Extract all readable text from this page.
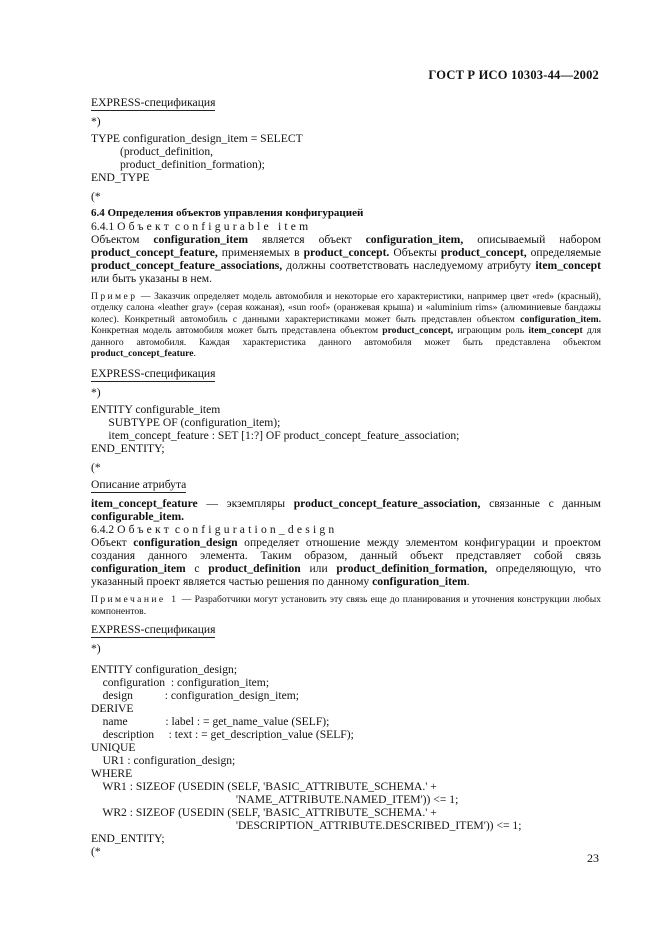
ГОСТ Р ИСО 10303-44—2002
EXPRESS-спецификация
*)
TYPE configuration_design_item = SELECT
(product_definition,
product_definition_formation);
END_TYPE
(*
6.4 Определения объектов управления конфигурацией
6.4.1 Объект configurable item
Объектом configuration_item является объект configuration_item, описываемый набором product_concept_feature, применяемых в product_concept. Объекты product_concept, определяемые product_concept_feature_associations, должны соответствовать наследуемому атрибуту item_concept или быть указаны в нем.
Пример — Заказчик определяет модель автомобиля и некоторые его характеристики, например цвет «red» (красный), отделку салона «leather gray» (серая кожаная), «sun roof» (оранжевая крыша) и «aluminium rims» (алюминиевые бандажы колес). Конкретный автомобиль с данными характеристиками может быть представлен объектом configuration_item. Конкретная модель автомобиля может быть представлена объектом product_concept, играющим роль item_concept для данного автомобиля. Каждая характеристика данного автомобиля может быть представлена объектом product_concept_feature.
EXPRESS-спецификация
*)
ENTITY configurable_item
SUBTYPE OF (configuration_item);
item_concept_feature : SET [1:?] OF product_concept_feature_association;
END_ENTITY;
(*
Описание атрибута
item_concept_feature — экземпляры product_concept_feature_association, связанные с данным configurable_item.
6.4.2 Объект configuration_design
Объект configuration_design определяет отношение между элементом конфигурации и проектом создания данного элемента. Таким образом, данный объект представляет собой связь configuration_item с product_definition или product_definition_formation, определяющую, что указанный проект является частью решения по данному configuration_item.
Примечание 1 — Разработчики могут установить эту связь еще до планирования и уточнения конструкции любых компонентов.
EXPRESS-спецификация
*)
ENTITY configuration_design;
configuration  : configuration_item;
design           : configuration_design_item;
DERIVE
name             : label : = get_name_value (SELF);
description     : text : = get_description_value (SELF);
UNIQUE
UR1 : configuration_design;
WHERE
WR1 : SIZEOF (USEDIN (SELF, 'BASIC_ATTRIBUTE_SCHEMA.' +
'NAME_ATTRIBUTE.NAMED_ITEM')) <= 1;
WR2 : SIZEOF (USEDIN (SELF, 'BASIC_ATTRIBUTE_SCHEMA.' +
'DESCRIPTION_ATTRIBUTE.DESCRIBED_ITEM')) <= 1;
END_ENTITY;
(*	23
